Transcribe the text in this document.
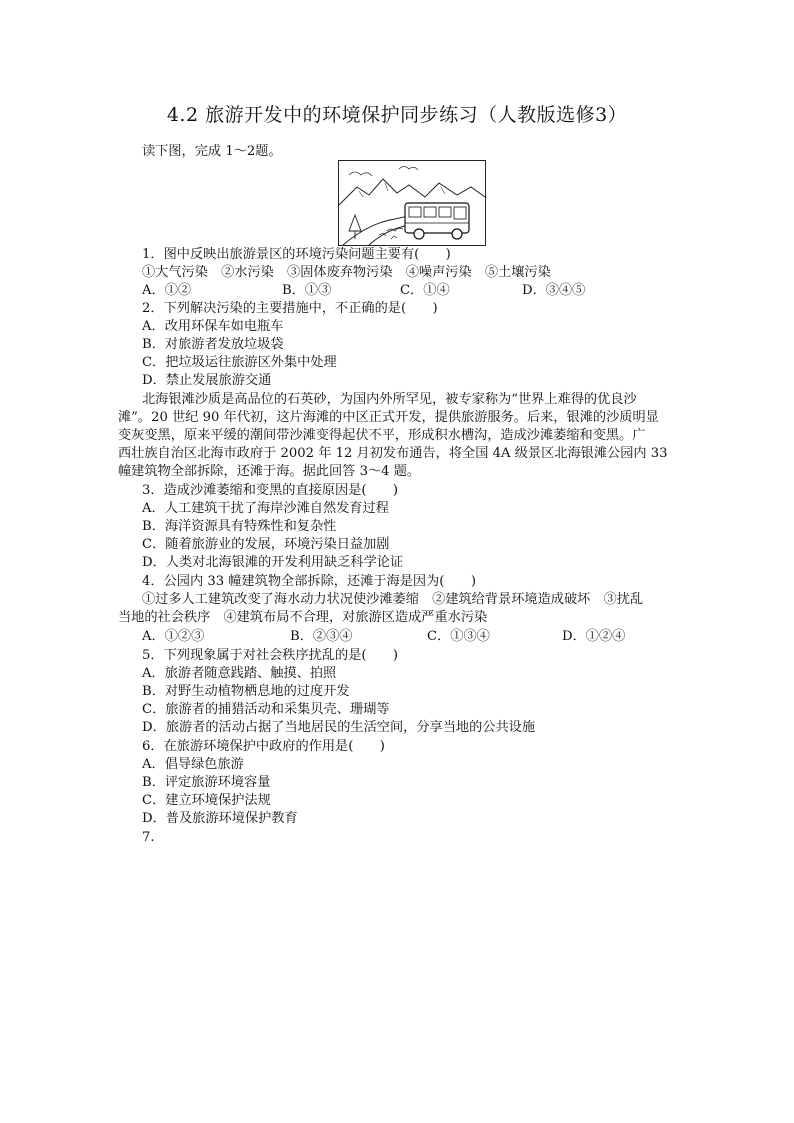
4.2 旅游开发中的环境保护同步练习（人教版选修3）
读下图，完成 1～2题。
1．图中反映出旅游景区的环境污染问题主要有(　　)
①大气污染　②水污染　③固体废弃物污染　④噪声污染　⑤土壤污染
A．①②	B．①③	C．①④	D．③④⑤
2．下列解决污染的主要措施中，不正确的是(　　)
A．改用环保车如电瓶车
B．对旅游者发放垃圾袋
C．把垃圾运往旅游区外集中处理
D．禁止发展旅游交通
北海银滩沙质是高品位的石英砂，为国内外所罕见，被专家称为“世界上难得的优良沙
滩”。20 世纪 90 年代初，这片海滩的中区正式开发，提供旅游服务。后来，银滩的沙质明显
变灰变黑，原来平缓的潮间带沙滩变得起伏不平，形成积水槽沟，造成沙滩萎缩和变黑。广
西壮族自治区北海市政府于 2002 年 12 月初发布通告，将全国 4A 级景区北海银滩公园内 33
幢建筑物全部拆除，还滩于海。据此回答 3～4 题。
3．造成沙滩萎缩和变黑的直接原因是(　　)
A．人工建筑干扰了海岸沙滩自然发育过程
B．海洋资源具有特殊性和复杂性
C．随着旅游业的发展，环境污染日益加剧
D．人类对北海银滩的开发利用缺乏科学论证
4．公园内 33 幢建筑物全部拆除，还滩于海是因为(　　)
①过多人工建筑改变了海水动力状况使沙滩萎缩　②建筑给背景环境造成破坏　③扰乱
当地的社会秩序　④建筑布局不合理，对旅游区造成严重水污染
A．①②③	B．②③④	C．①③④	D．①②④
5．下列现象属于对社会秩序扰乱的是(　　)
A．旅游者随意践踏、触摸、拍照
B．对野生动植物栖息地的过度开发
C．旅游者的捕猎活动和采集贝壳、珊瑚等
D．旅游者的活动占据了当地居民的生活空间，分享当地的公共设施
6．在旅游环境保护中政府的作用是(　　)
A．倡导绿色旅游
B．评定旅游环境容量
C．建立环境保护法规
D．普及旅游环境保护教育
7.
